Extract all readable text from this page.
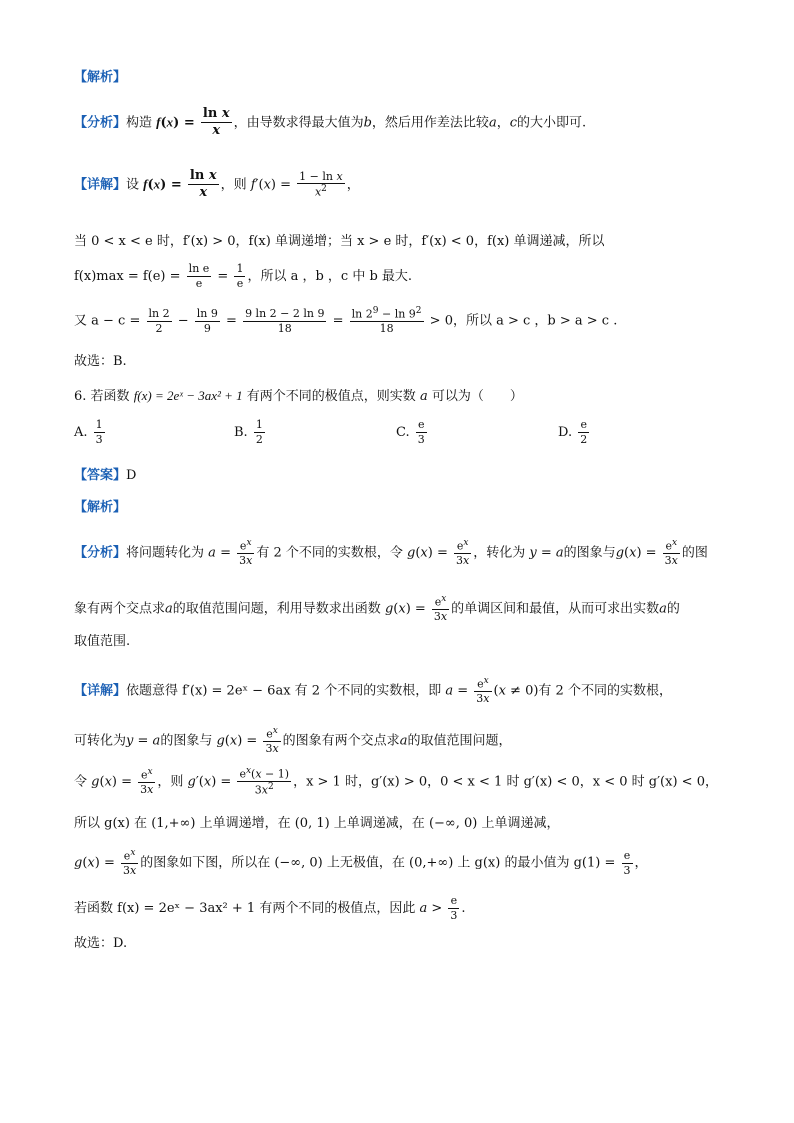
【解析】
【分析】构造 $f(x) = \frac{\text{ln x}}{x}$ ，由导数求得最大值为b，然后用作差法比较a，c的大小即可.
【详解】设 $f(x) = \frac{\text{ln x}}{x}$ ，则 $f'(x) = \frac{\text{1 − ln x}}{x^2}$ ，
当 0 < x < e 时，f′(x) > 0，f(x) 单调递增；当 x > e 时，f′(x) < 0，f(x) 单调递减，所以
$f(x)\max = f(e) = \frac{\text{ln e}}{e} = \frac{1}{e}$ ，所以 a ，b ，c 中 b 最大.
又 $a - c = \frac{\ln 2}{2} - \frac{\ln 9}{9} = \frac{9 \ln 2 - 2 \ln 9}{18} = \frac{\ln 2^9 - \ln 9^2}{18} > 0$，所以 a > c ，b > a > c .
故选：B.
6. 若函数 f(x) = 2eˣ − 3ax² + 1 有两个不同的极值点，则实数 a 可以为（　　）
A. $\frac{1}{3}$	B. $\frac{1}{2}$	C. $\frac{e}{3}$	D. $\frac{e}{2}$
【答案】D
【解析】
【分析】将问题转化为 $a = \frac{e^x}{3x}$ 有 2 个不同的实数根，令 $g(x) = \frac{e^x}{3x}$ ，转化为 y = a的图象与$g(x) = \frac{e^x}{3x}$ 的图
象有两个交点求a的取值范围问题，利用导数求出函数 $g(x) = \frac{e^x}{3x}$ 的单调区间和最值，从而可求出实数a的
取值范围.
【详解】依题意得 f′(x) = 2eˣ − 6ax 有 2 个不同的实数根，即 $a = \frac{e^x}{3x} (x \ne 0)$有 2 个不同的实数根，
可转化为y = a的图象与 $g(x) = \frac{e^x}{3x}$ 的图象有两个交点求a的取值范围问题，
令 $g(x) = \frac{e^x}{3x}$ ，则 $g'(x) = \frac{e^x(x - 1)}{3x^2}$ ，x > 1 时，g′(x) > 0，0 < x < 1 时 g′(x) < 0，x < 0 时 g′(x) < 0，
所以 g(x) 在 (1,+∞) 上单调递增，在 (0, 1) 上单调递减，在 (−∞, 0) 上单调递减，
$g(x) = \frac{e^x}{3x}$ 的图象如下图，所以在 (−∞, 0) 上无极值，在 (0,+∞) 上 g(x) 的最小值为 $g(1) = \frac{e}{3}$ ，
若函数 f(x) = 2eˣ − 3ax² + 1 有两个不同的极值点，因此 $a > \frac{e}{3}$ .
故选：D.
